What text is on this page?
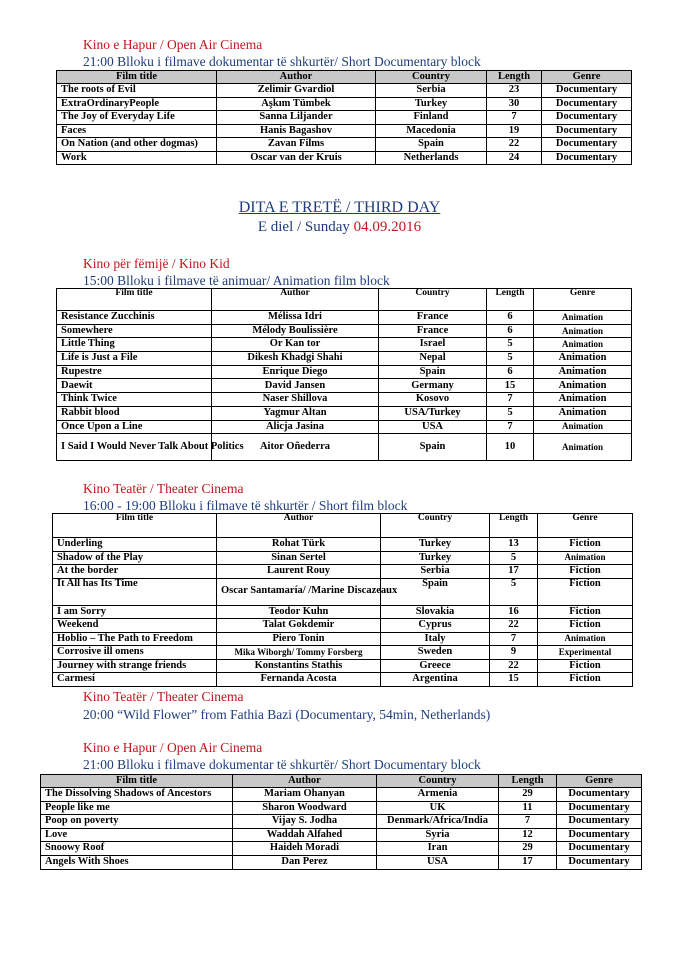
Kino e Hapur / Open Air Cinema
21:00 Blloku i filmave dokumentar të shkurtër/ Short Documentary block
Film title	Author	Country	Length	Genre
The roots of Evil	Zelimir Gvardiol	Serbia	23	Documentary
ExtraOrdinaryPeople	Aşkım Tümbek	Turkey	30	Documentary
The Joy of Everyday Life	Sanna Liljander	Finland	7	Documentary
Faces	Hanis Bagashov	Macedonia	19	Documentary
On Nation (and other dogmas)	Zavan Films	Spain	22	Documentary
Work	Oscar van der Kruis	Netherlands	24	Documentary
DITA E TRETË / THIRD DAY
E diel / Sunday 04.09.2016
Kino për fëmijë / Kino Kid
15:00 Blloku i filmave të animuar/ Animation film block
Film title	Author	Country	Length	Genre
Resistance Zucchinis	Mélissa Idri	France	6	Animation
Somewhere	Mélody Boulissière	France	6	Animation
Little Thing	Or Kan tor	Israel	5	Animation
Life is Just a File	Dikesh Khadgi Shahi	Nepal	5	Animation
Rupestre	Enrique Diego	Spain	6	Animation
Daewit	David Jansen	Germany	15	Animation
Think Twice	Naser Shillova	Kosovo	7	Animation
Rabbit blood	Yagmur Altan	USA/Turkey	5	Animation
Once Upon a Line	Alicja Jasina	USA	7	Animation
I Said I Would Never Talk About Politics	Aitor Oñederra	Spain	10	Animation
Kino Teatër / Theater Cinema
16:00 - 19:00 Blloku i filmave të shkurtër / Short film block
Film title	Author	Country	Length	Genre
Underling	Rohat Türk	Turkey	13	Fiction
Shadow of the Play	Sinan Sertel	Turkey	5	Animation
At the border	Laurent Rouy	Serbia	17	Fiction
It All has Its Time	Oscar Santamaría/ /Marine Discazeaux	Spain	5	Fiction
I am Sorry	Teodor Kuhn	Slovakia	16	Fiction
Weekend	Talat Gokdemir	Cyprus	22	Fiction
Hoblio – The Path to Freedom	Piero Tonin	Italy	7	Animation
Corrosive ill omens	Mika Wiborgh/ Tommy Forsberg	Sweden	9	Experimental
Journey with strange friends	Konstantins Stathis	Greece	22	Fiction
Carmesí	Fernanda Acosta	Argentina	15	Fiction
Kino Teatër / Theater Cinema
20:00 “Wild Flower” from Fathia Bazi (Documentary, 54min, Netherlands)
Kino e Hapur / Open Air Cinema
21:00 Blloku i filmave dokumentar të shkurtër/ Short Documentary block
Film title	Author	Country	Length	Genre
The Dissolving Shadows of Ancestors	Mariam Ohanyan	Armenia	29	Documentary
People like me	Sharon Woodward	UK	11	Documentary
Poop on poverty	Vijay S. Jodha	Denmark/Africa/India	7	Documentary
Love	Waddah Alfahed	Syria	12	Documentary
Snoowy Roof	Haideh Moradi	Iran	29	Documentary
Angels With Shoes	Dan Perez	USA	17	Documentary
